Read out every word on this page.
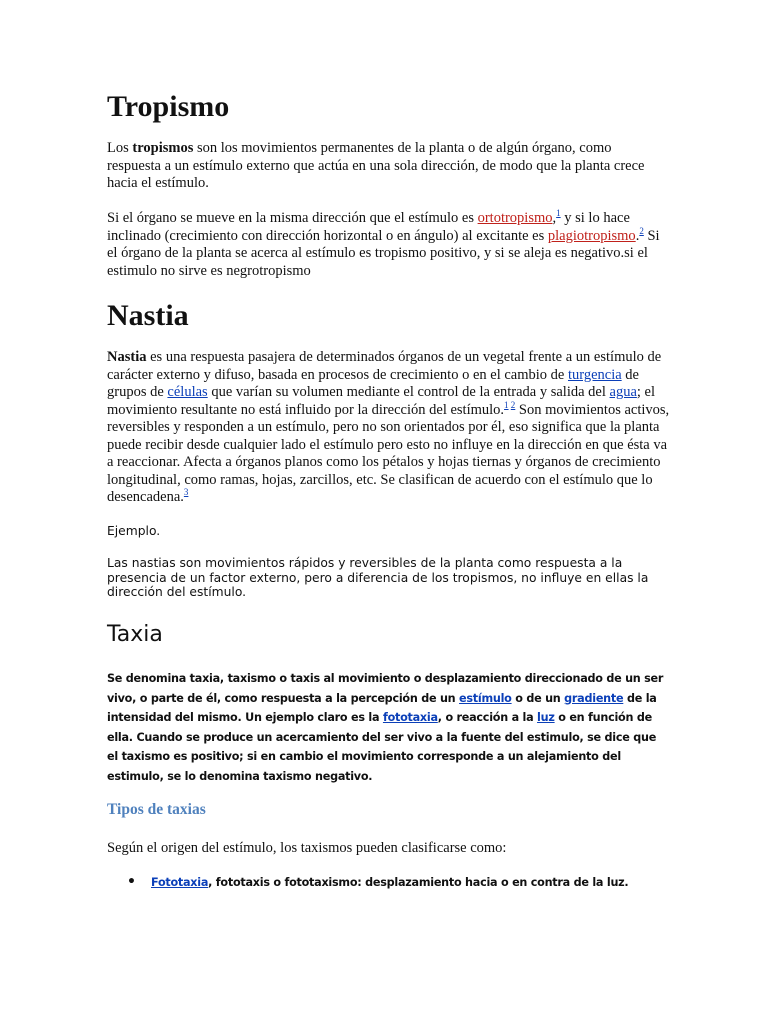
Tropismo

Los tropismos son los movimientos permanentes de la planta o de algún órgano, como respuesta a un estímulo externo que actúa en una sola dirección, de modo que la planta crece hacia el estímulo.

Si el órgano se mueve en la misma dirección que el estímulo es ortotropismo,$^1$ y si lo hace inclinado (crecimiento con dirección horizontal o en ángulo) al excitante es plagiotropismo.$^2$ Si el órgano de la planta se acerca al estímulo es tropismo positivo, y si se aleja es negativo.si el estimulo no sirve es negrotropismo

Nastia

Nastia es una respuesta pasajera de determinados órganos de un vegetal frente a un estímulo de carácter externo y difuso, basada en procesos de crecimiento o en el cambio de turgencia de grupos de células que varían su volumen mediante el control de la entrada y salida del agua; el movimiento resultante no está influido por la dirección del estímulo.$^{1 2}$ Son movimientos activos, reversibles y responden a un estímulo, pero no son orientados por él, eso significa que la planta puede recibir desde cualquier lado el estímulo pero esto no influye en la dirección en que ésta va a reaccionar. Afecta a órganos planos como los pétalos y hojas tiernas y órganos de crecimiento longitudinal, como ramas, hojas, zarcillos, etc. Se clasifican de acuerdo con el estímulo que lo desencadena.$^3$

Ejemplo.

Las nastias son movimientos rápidos y reversibles de la planta como respuesta a la presencia de un factor externo, pero a diferencia de los tropismos, no influye en ellas la dirección del estímulo.

Taxia

Se denomina taxia, taxismo o taxis al movimiento o desplazamiento direccionado de un ser vivo, o parte de él, como respuesta a la percepción de un estímulo o de un gradiente de la intensidad del mismo. Un ejemplo claro es la fototaxia, o reacción a la luz o en función de ella. Cuando se produce un acercamiento del ser vivo a la fuente del estimulo, se dice que el taxismo es positivo; si en cambio el movimiento corresponde a un alejamiento del estimulo, se lo denomina taxismo negativo.

Tipos de taxias

Según el origen del estímulo, los taxismos pueden clasificarse como:

• Fototaxia, fototaxis o fototaxismo: desplazamiento hacia o en contra de la luz.
